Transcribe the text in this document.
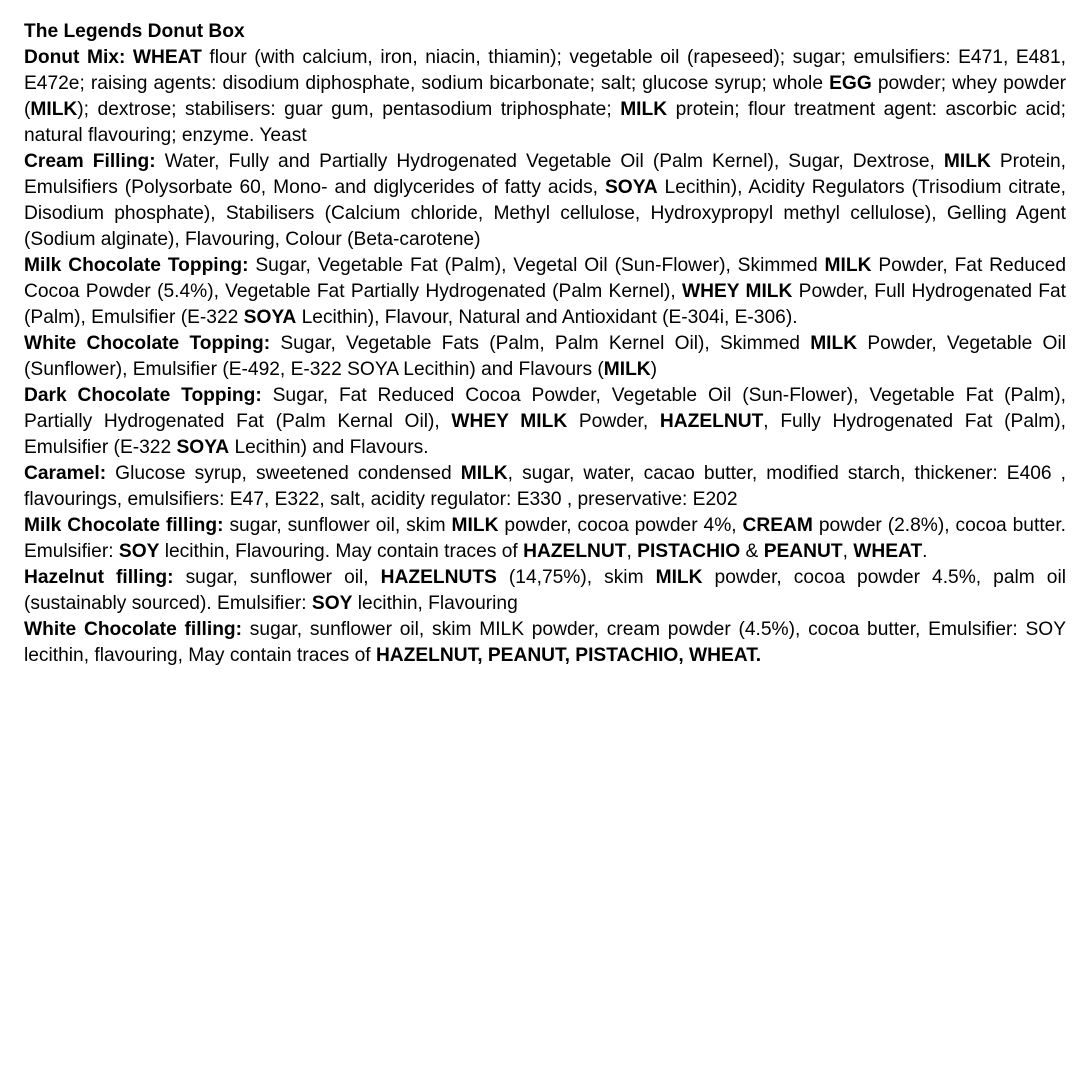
The Legends Donut Box
Donut Mix: WHEAT flour (with calcium, iron, niacin, thiamin); vegetable oil (rapeseed); sugar; emulsifiers: E471, E481, E472e; raising agents: disodium diphosphate, sodium bicarbonate; salt; glucose syrup; whole EGG powder; whey powder (MILK); dextrose; stabilisers: guar gum, pentasodium triphosphate; MILK protein; flour treatment agent: ascorbic acid; natural flavouring; enzyme. Yeast
Cream Filling: Water, Fully and Partially Hydrogenated Vegetable Oil (Palm Kernel), Sugar, Dextrose, MILK Protein, Emulsifiers (Polysorbate 60, Mono- and diglycerides of fatty acids, SOYA Lecithin), Acidity Regulators (Trisodium citrate, Disodium phosphate), Stabilisers (Calcium chloride, Methyl cellulose, Hydroxypropyl methyl cellulose), Gelling Agent (Sodium alginate), Flavouring, Colour (Beta-carotene)
Milk Chocolate Topping: Sugar, Vegetable Fat (Palm), Vegetal Oil (Sun-Flower), Skimmed MILK Powder, Fat Reduced Cocoa Powder (5.4%), Vegetable Fat Partially Hydrogenated (Palm Kernel), WHEY MILK Powder, Full Hydrogenated Fat (Palm), Emulsifier (E-322 SOYA Lecithin), Flavour, Natural and Antioxidant (E-304i, E-306).
White Chocolate Topping: Sugar, Vegetable Fats (Palm, Palm Kernel Oil), Skimmed MILK Powder, Vegetable Oil (Sunflower), Emulsifier (E-492, E-322 SOYA Lecithin) and Flavours (MILK)
Dark Chocolate Topping: Sugar, Fat Reduced Cocoa Powder, Vegetable Oil (Sun-Flower), Vegetable Fat (Palm), Partially Hydrogenated Fat (Palm Kernal Oil), WHEY MILK Powder, HAZELNUT, Fully Hydrogenated Fat (Palm), Emulsifier (E-322 SOYA Lecithin) and Flavours.
Caramel: Glucose syrup, sweetened condensed MILK, sugar, water, cacao butter, modified starch, thickener: E406 , flavourings, emulsifiers: E47, E322, salt, acidity regulator: E330 , preservative: E202
Milk Chocolate filling: sugar, sunflower oil, skim MILK powder, cocoa powder 4%, CREAM powder (2.8%), cocoa butter. Emulsifier: SOY lecithin, Flavouring. May contain traces of HAZELNUT, PISTACHIO & PEANUT, WHEAT.
Hazelnut filling: sugar, sunflower oil, HAZELNUTS (14,75%), skim MILK powder, cocoa powder 4.5%, palm oil (sustainably sourced). Emulsifier: SOY lecithin, Flavouring
White Chocolate filling: sugar, sunflower oil, skim MILK powder, cream powder (4.5%), cocoa butter, Emulsifier: SOY lecithin, flavouring, May contain traces of HAZELNUT, PEANUT, PISTACHIO, WHEAT.
